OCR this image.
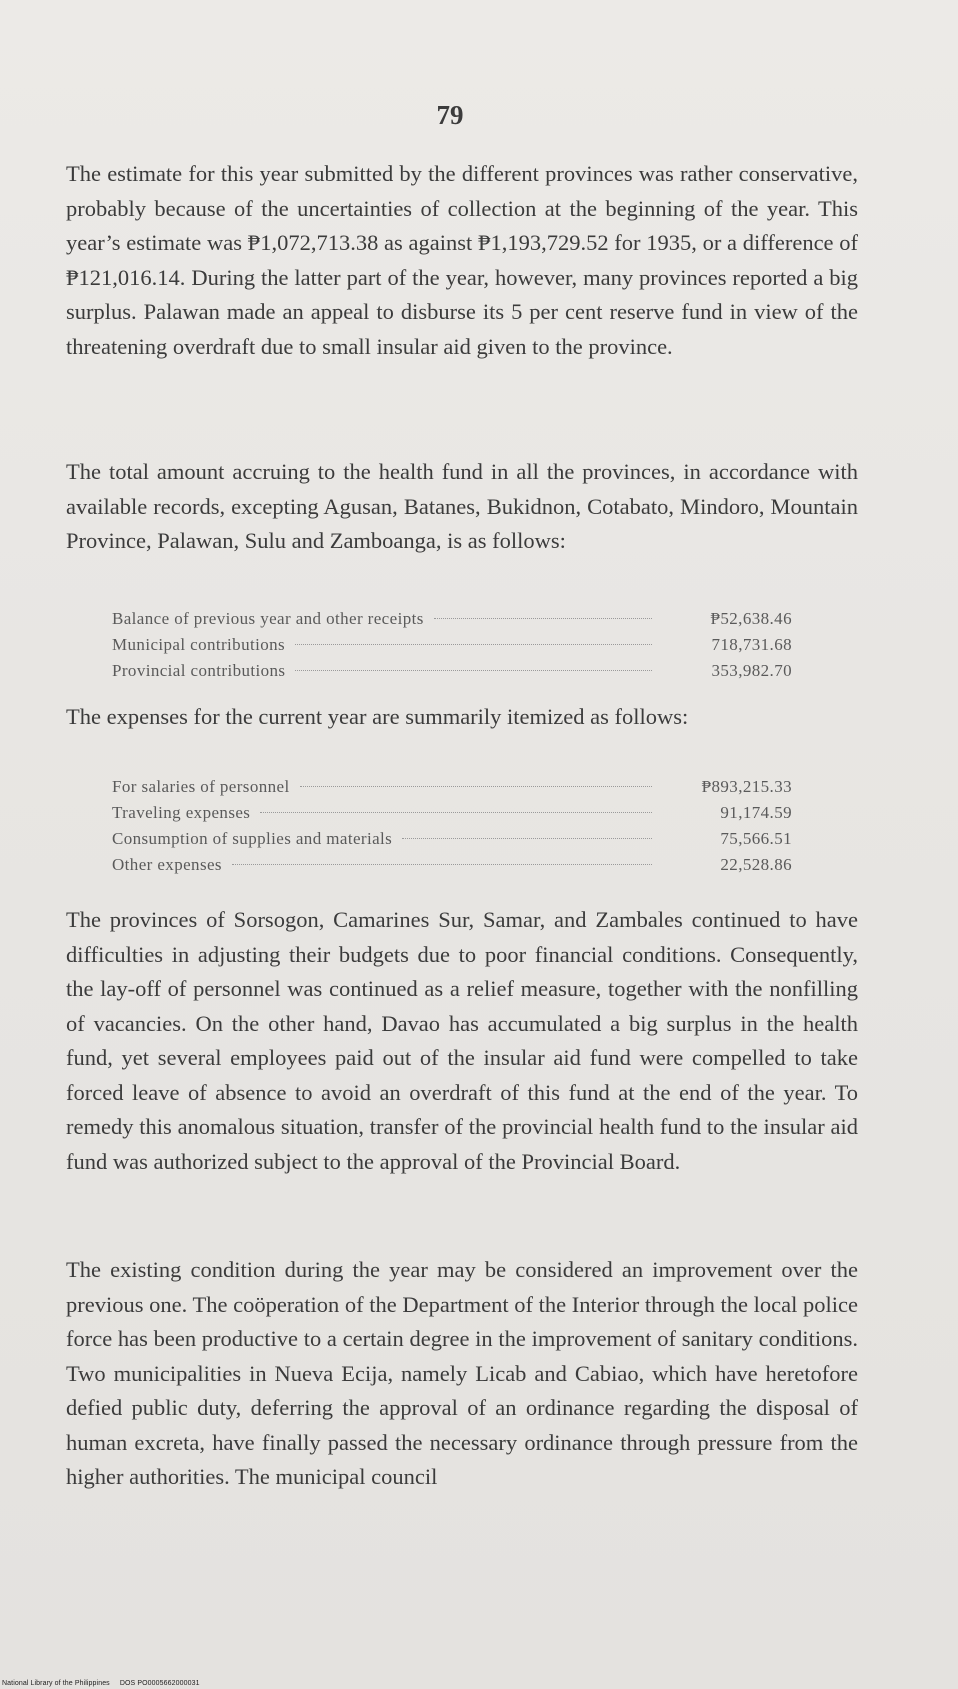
79

The estimate for this year submitted by the different provinces was rather conservative, probably because of the uncertainties of collection at the beginning of the year. This year’s estimate was ₱1,072,713.38 as against ₱1,193,729.52 for 1935, or a difference of ₱121,016.14. During the latter part of the year, however, many provinces reported a big surplus. Palawan made an appeal to disburse its 5 per cent reserve fund in view of the threatening overdraft due to small insular aid given to the province.

The total amount accruing to the health fund in all the provinces, in accordance with available records, excepting Agusan, Batanes, Bukidnon, Cotabato, Mindoro, Mountain Province, Palawan, Sulu and Zamboanga, is as follows:

Balance of previous year and other receipts	₱52,638.46
Municipal contributions	718,731.68
Provincial contributions	353,982.70

The expenses for the current year are summarily itemized as follows:

For salaries of personnel	₱893,215.33
Traveling expenses	91,174.59
Consumption of supplies and materials	75,566.51
Other expenses	22,528.86

The provinces of Sorsogon, Camarines Sur, Samar, and Zambales continued to have difficulties in adjusting their budgets due to poor financial conditions. Consequently, the lay-off of personnel was continued as a relief measure, together with the nonfilling of vacancies. On the other hand, Davao has accumulated a big surplus in the health fund, yet several employees paid out of the insular aid fund were compelled to take forced leave of absence to avoid an overdraft of this fund at the end of the year. To remedy this anomalous situation, transfer of the provincial health fund to the insular aid fund was authorized subject to the approval of the Provincial Board.

The existing condition during the year may be considered an improvement over the previous one. The coöperation of the Department of the Interior through the local police force has been productive to a certain degree in the improvement of sanitary conditions. Two municipalities in Nueva Ecija, namely Licab and Cabiao, which have heretofore defied public duty, deferring the approval of an ordinance regarding the disposal of human excreta, have finally passed the necessary ordinance through pressure from the higher authorities. The municipal council

National Library of the Philippines DOS PO0005662000031
